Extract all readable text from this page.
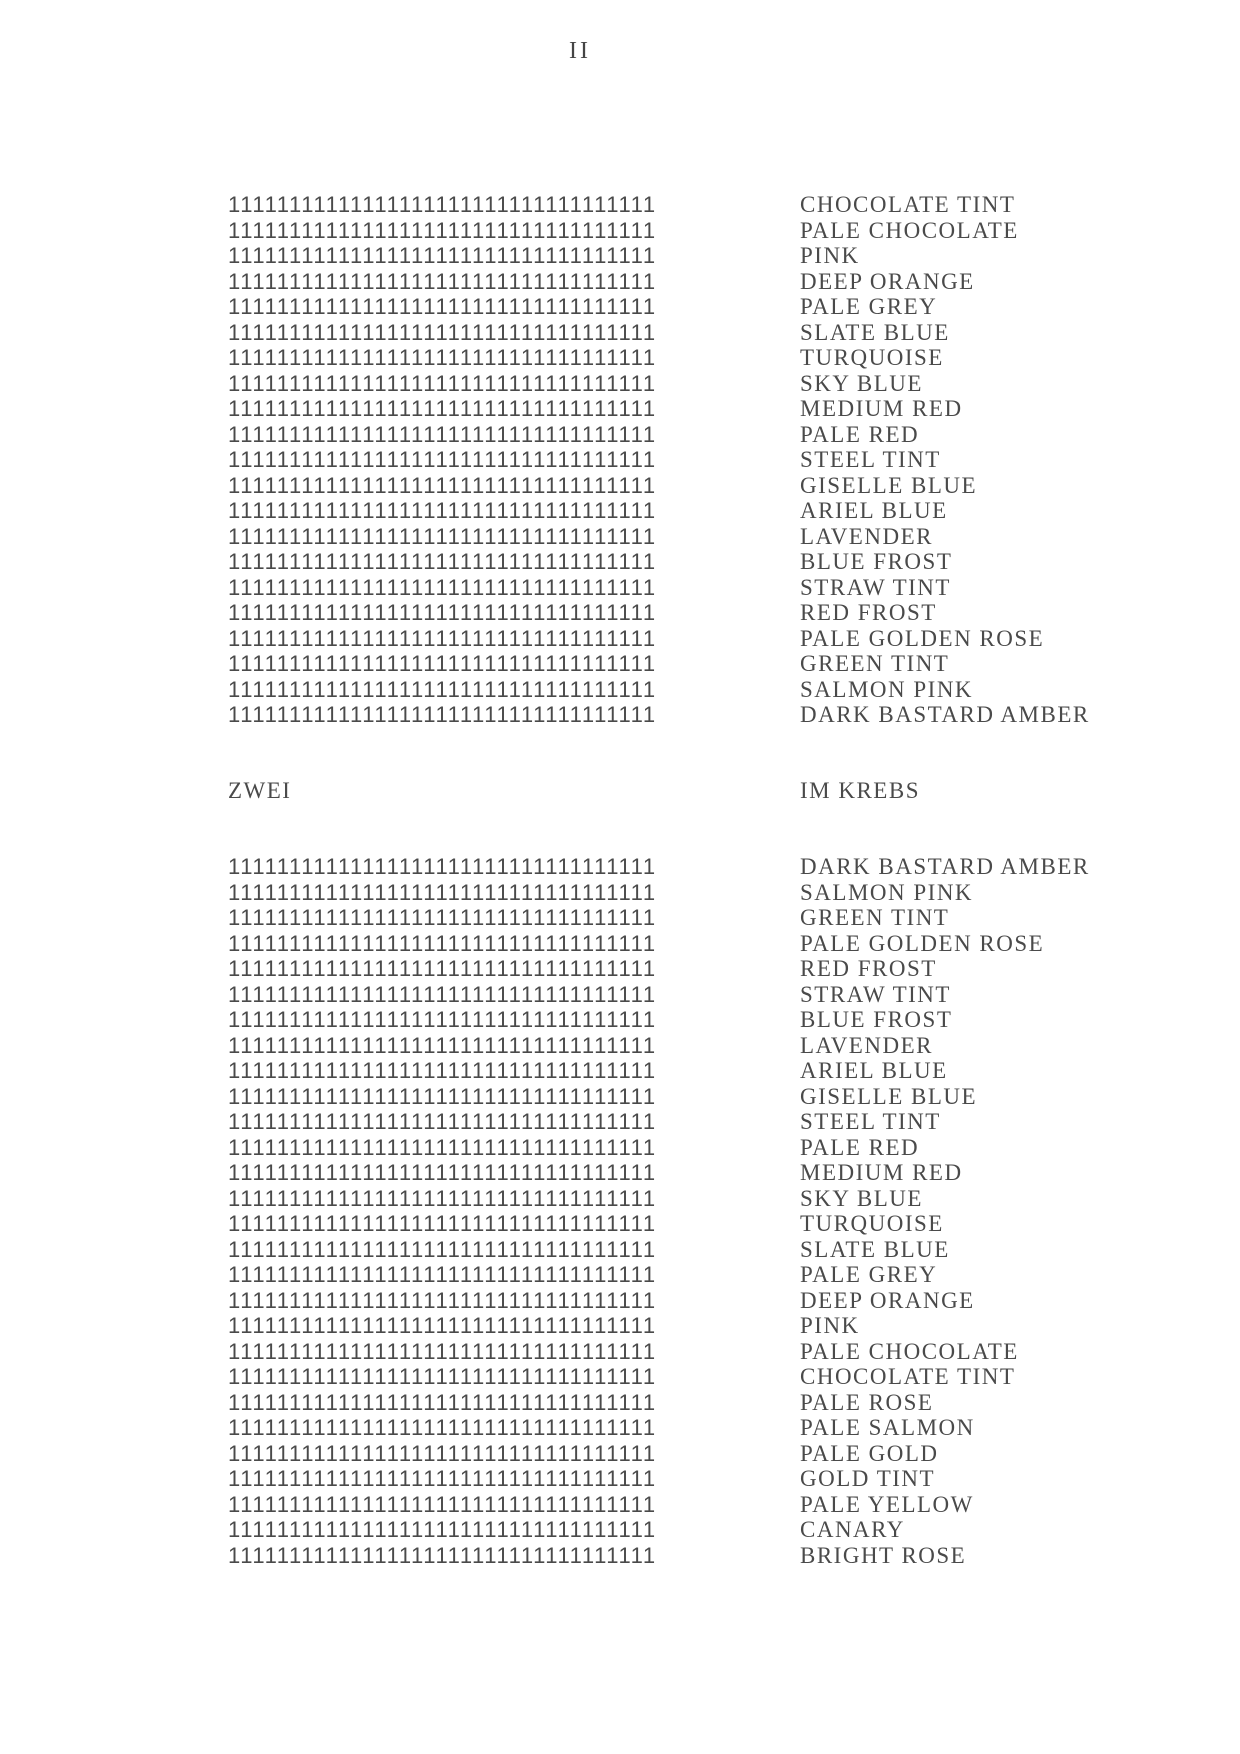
II
11111111111111111111111111111111111	CHOCOLATE TINT
11111111111111111111111111111111111	PALE CHOCOLATE
11111111111111111111111111111111111	PINK
11111111111111111111111111111111111	DEEP ORANGE
11111111111111111111111111111111111	PALE GREY
11111111111111111111111111111111111	SLATE BLUE
11111111111111111111111111111111111	TURQUOISE
11111111111111111111111111111111111	SKY BLUE
11111111111111111111111111111111111	MEDIUM RED
11111111111111111111111111111111111	PALE RED
11111111111111111111111111111111111	STEEL TINT
11111111111111111111111111111111111	GISELLE BLUE
11111111111111111111111111111111111	ARIEL BLUE
11111111111111111111111111111111111	LAVENDER
11111111111111111111111111111111111	BLUE FROST
11111111111111111111111111111111111	STRAW TINT
11111111111111111111111111111111111	RED FROST
11111111111111111111111111111111111	PALE GOLDEN ROSE
11111111111111111111111111111111111	GREEN TINT
11111111111111111111111111111111111	SALMON PINK
11111111111111111111111111111111111	DARK BASTARD AMBER
ZWEI	IM KREBS
11111111111111111111111111111111111	DARK BASTARD AMBER
11111111111111111111111111111111111	SALMON PINK
11111111111111111111111111111111111	GREEN TINT
11111111111111111111111111111111111	PALE GOLDEN ROSE
11111111111111111111111111111111111	RED FROST
11111111111111111111111111111111111	STRAW TINT
11111111111111111111111111111111111	BLUE FROST
11111111111111111111111111111111111	LAVENDER
11111111111111111111111111111111111	ARIEL BLUE
11111111111111111111111111111111111	GISELLE BLUE
11111111111111111111111111111111111	STEEL TINT
11111111111111111111111111111111111	PALE RED
11111111111111111111111111111111111	MEDIUM RED
11111111111111111111111111111111111	SKY BLUE
11111111111111111111111111111111111	TURQUOISE
11111111111111111111111111111111111	SLATE BLUE
11111111111111111111111111111111111	PALE GREY
11111111111111111111111111111111111	DEEP ORANGE
11111111111111111111111111111111111	PINK
11111111111111111111111111111111111	PALE CHOCOLATE
11111111111111111111111111111111111	CHOCOLATE TINT
11111111111111111111111111111111111	PALE ROSE
11111111111111111111111111111111111	PALE SALMON
11111111111111111111111111111111111	PALE GOLD
11111111111111111111111111111111111	GOLD TINT
11111111111111111111111111111111111	PALE YELLOW
11111111111111111111111111111111111	CANARY
11111111111111111111111111111111111	BRIGHT ROSE
